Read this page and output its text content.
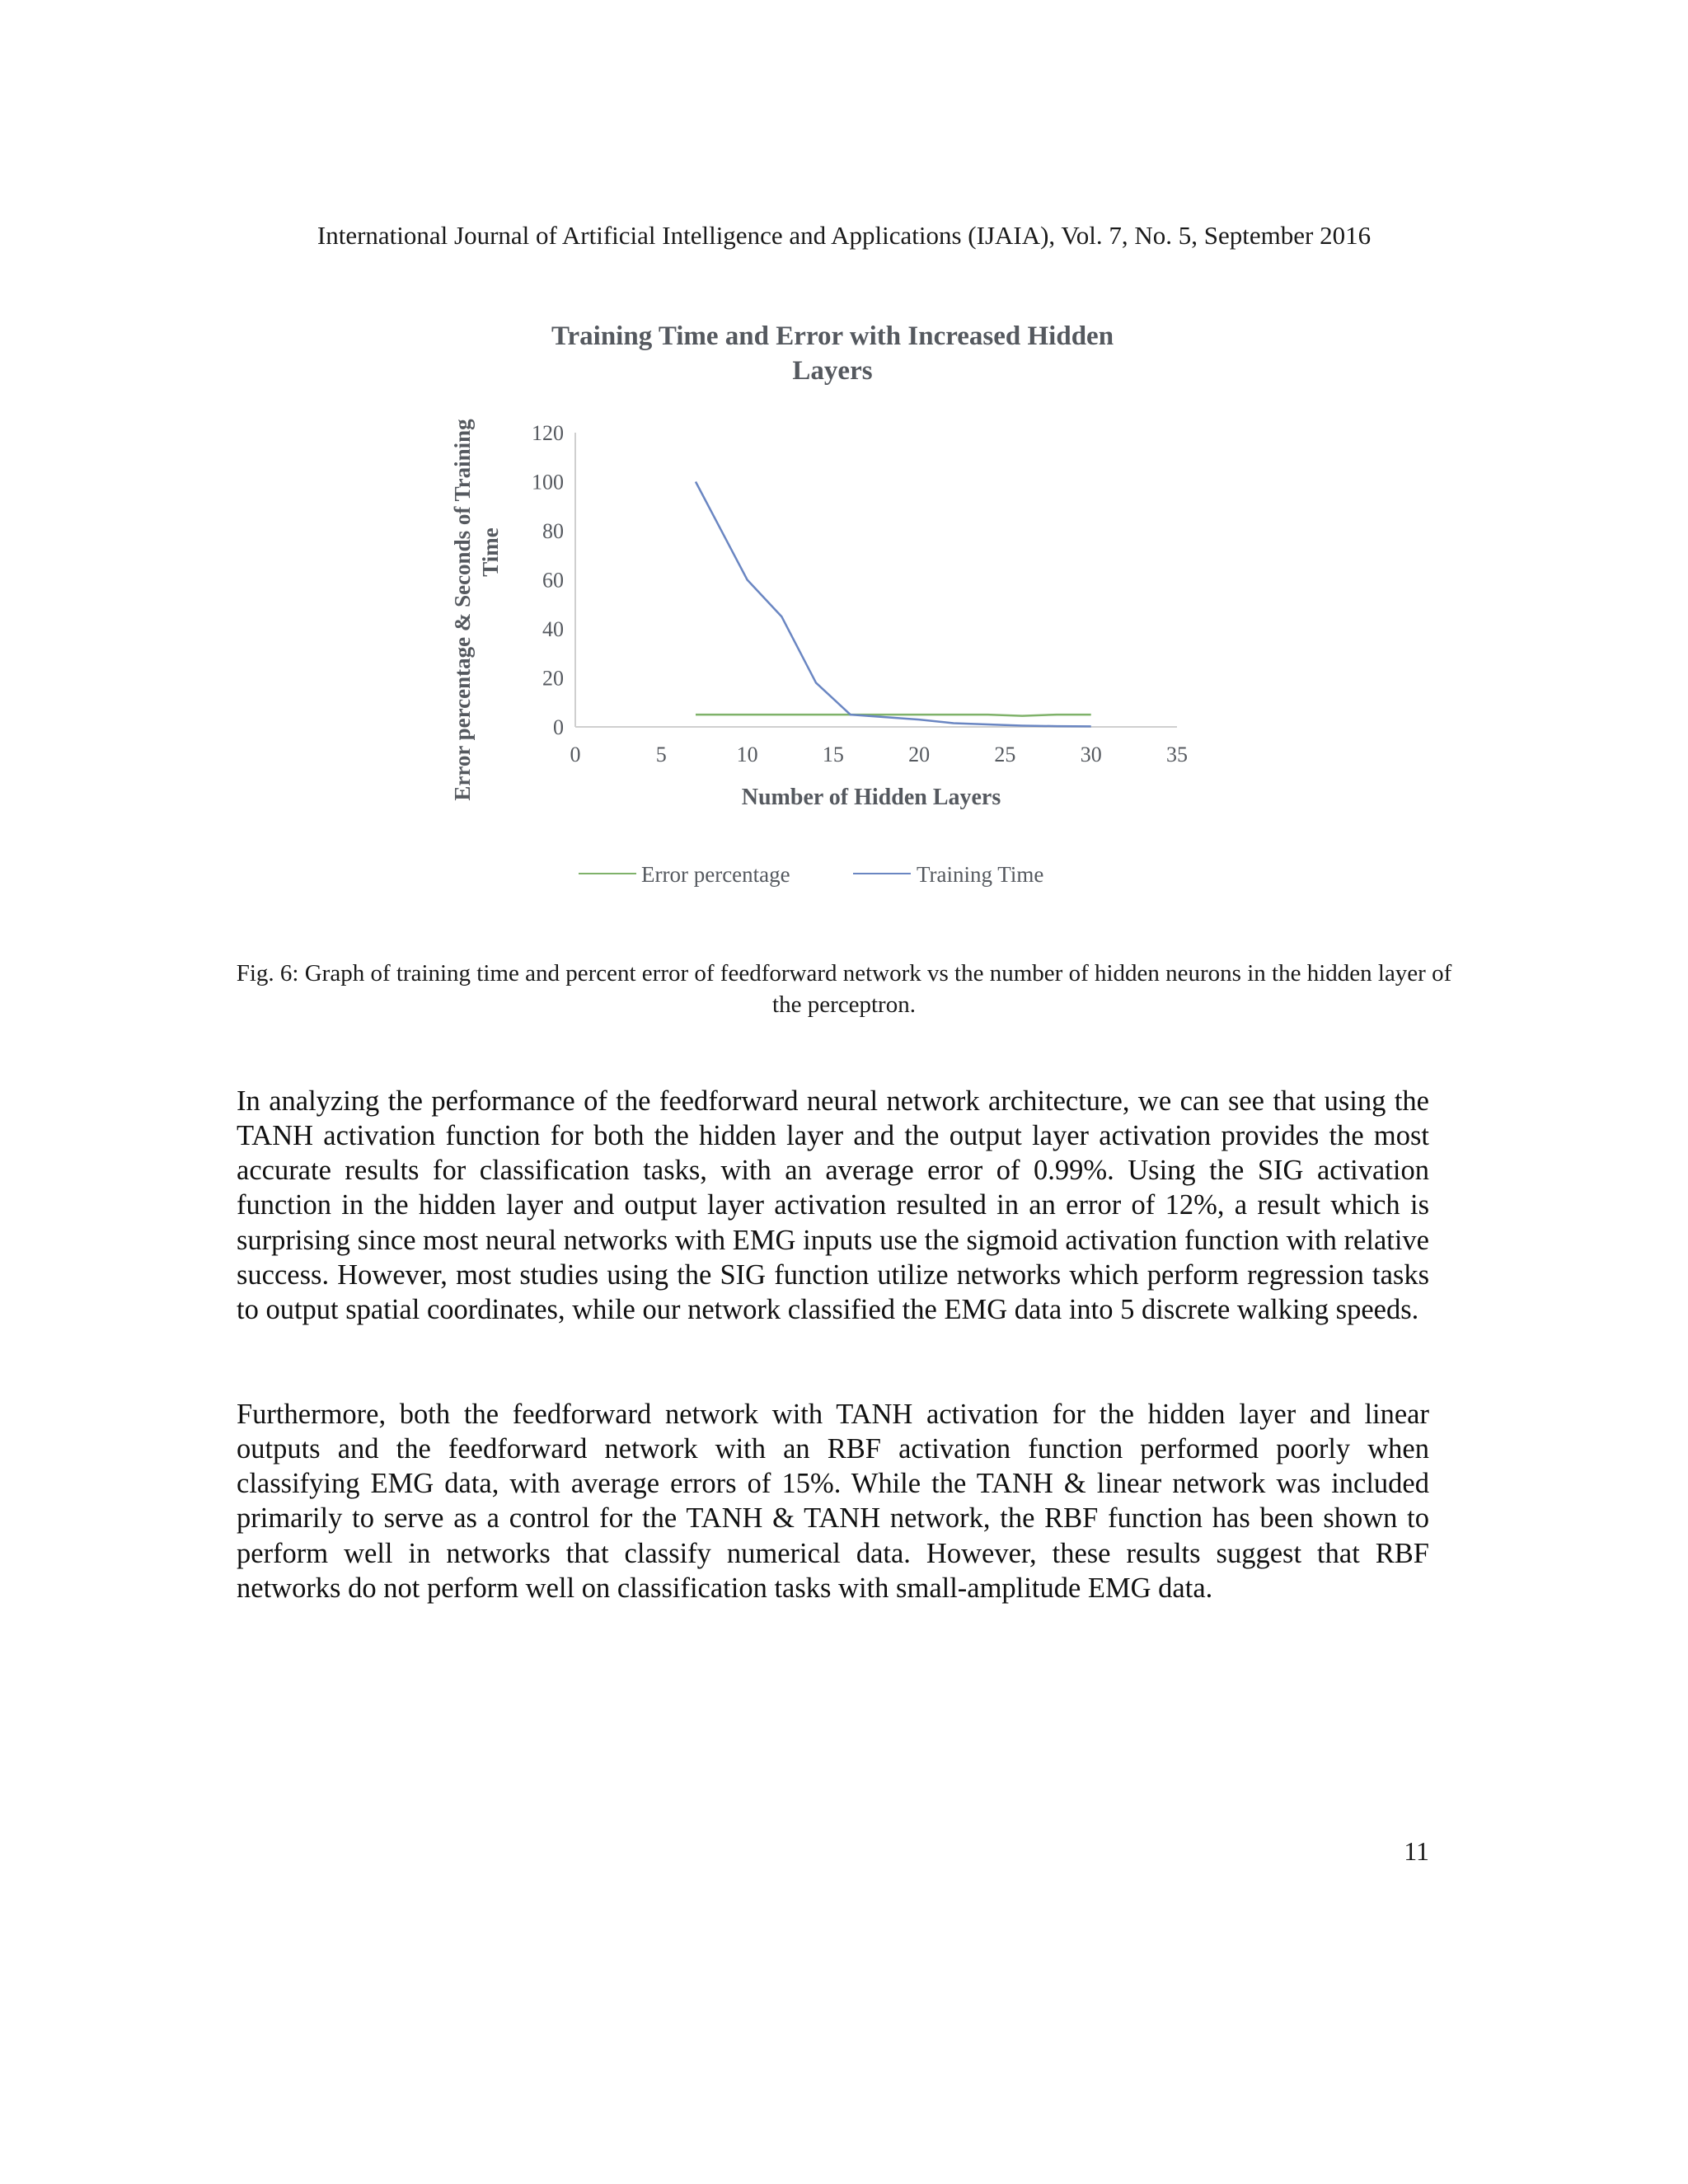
International Journal of Artificial Intelligence and Applications (IJAIA), Vol. 7, No. 5, September 2016
Training Time and Error with Increased Hidden
Layers
Error percentage & Seconds of Training Time
0
20
40
60
80
100
120
0	5	10	15	20	25	30	35
Number of Hidden Layers
Error percentage	Training Time
Fig. 6: Graph of training time and percent error of feedforward network vs the number of hidden neurons in the hidden layer of the perceptron.

In analyzing the performance of the feedforward neural network architecture, we can see that using the TANH activation function for both the hidden layer and the output layer activation provides the most accurate results for classification tasks, with an average error of 0.99%. Using the SIG activation function in the hidden layer and output layer activation resulted in an error of 12%, a result which is surprising since most neural networks with EMG inputs use the sigmoid activation function with relative success. However, most studies using the SIG function utilize networks which perform regression tasks to output spatial coordinates, while our network classified the EMG data into 5 discrete walking speeds.

Furthermore, both the feedforward network with TANH activation for the hidden layer and linear outputs and the feedforward network with an RBF activation function performed poorly when classifying EMG data, with average errors of 15%. While the TANH & linear network was included primarily to serve as a control for the TANH & TANH network, the RBF function has been shown to perform well in networks that classify numerical data. However, these results suggest that RBF networks do not perform well on classification tasks with small-amplitude EMG data.

11
